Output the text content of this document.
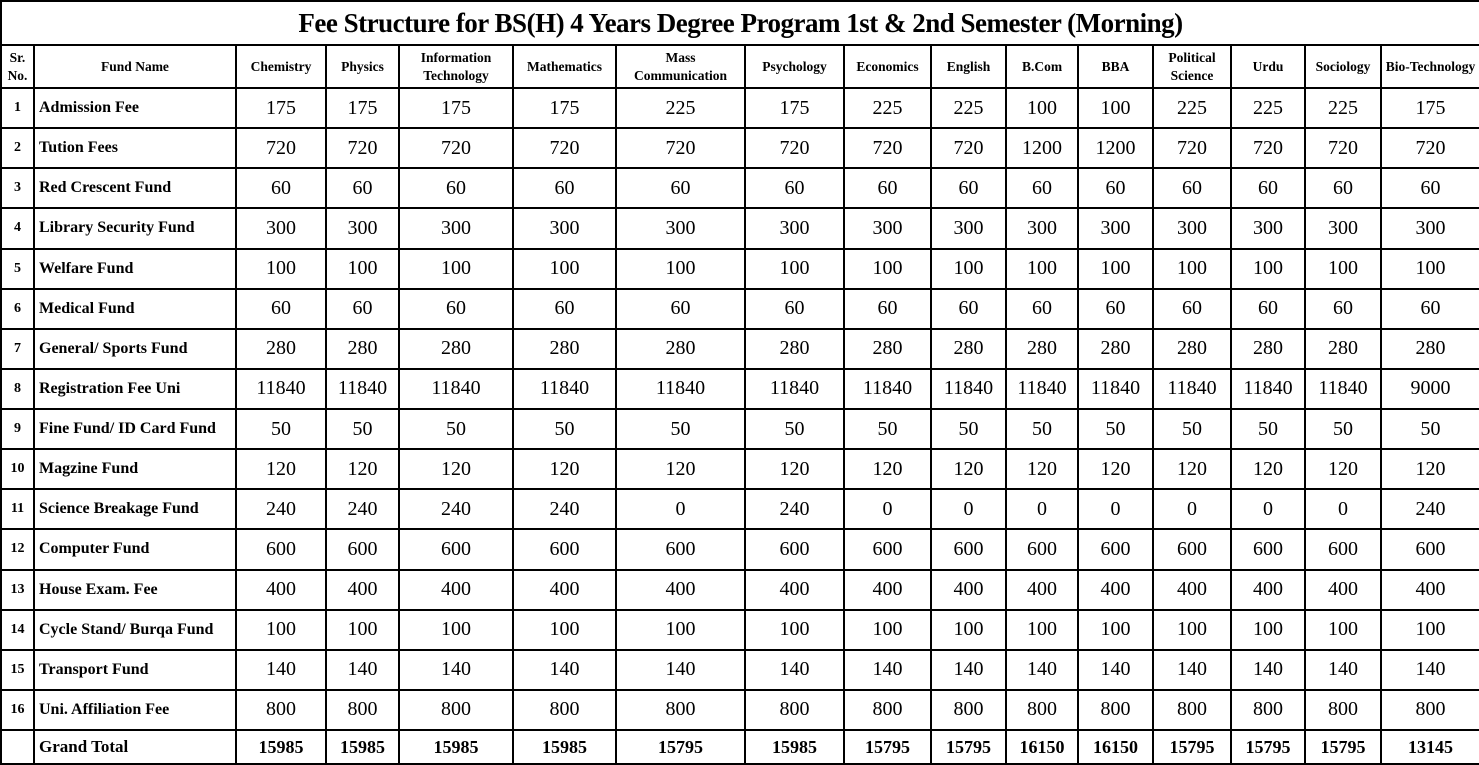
Fee Structure for BS(H) 4 Years Degree Program 1st & 2nd Semester (Morning)															
Sr. No.	Fund Name	Chemistry	Physics	Information Technology	Mathematics	Mass Communication	Psychology	Economics	English	B.Com	BBA	Political Science	Urdu	Sociology	Bio-Technology
1	Admission Fee	175	175	175	175	225	175	225	225	100	100	225	225	225	175
2	Tution Fees	720	720	720	720	720	720	720	720	1200	1200	720	720	720	720
3	Red Crescent Fund	60	60	60	60	60	60	60	60	60	60	60	60	60	60
4	Library Security Fund	300	300	300	300	300	300	300	300	300	300	300	300	300	300
5	Welfare Fund	100	100	100	100	100	100	100	100	100	100	100	100	100	100
6	Medical Fund	60	60	60	60	60	60	60	60	60	60	60	60	60	60
7	General/ Sports Fund	280	280	280	280	280	280	280	280	280	280	280	280	280	280
8	Registration Fee Uni	11840	11840	11840	11840	11840	11840	11840	11840	11840	11840	11840	11840	11840	9000
9	Fine Fund/ ID Card Fund	50	50	50	50	50	50	50	50	50	50	50	50	50	50
10	Magzine Fund	120	120	120	120	120	120	120	120	120	120	120	120	120	120
11	Science Breakage Fund	240	240	240	240	0	240	0	0	0	0	0	0	0	240
12	Computer Fund	600	600	600	600	600	600	600	600	600	600	600	600	600	600
13	House Exam. Fee	400	400	400	400	400	400	400	400	400	400	400	400	400	400
14	Cycle Stand/ Burqa Fund	100	100	100	100	100	100	100	100	100	100	100	100	100	100
15	Transport Fund	140	140	140	140	140	140	140	140	140	140	140	140	140	140
16	Uni. Affiliation Fee	800	800	800	800	800	800	800	800	800	800	800	800	800	800
	Grand Total	15985	15985	15985	15985	15795	15985	15795	15795	16150	16150	15795	15795	15795	13145
